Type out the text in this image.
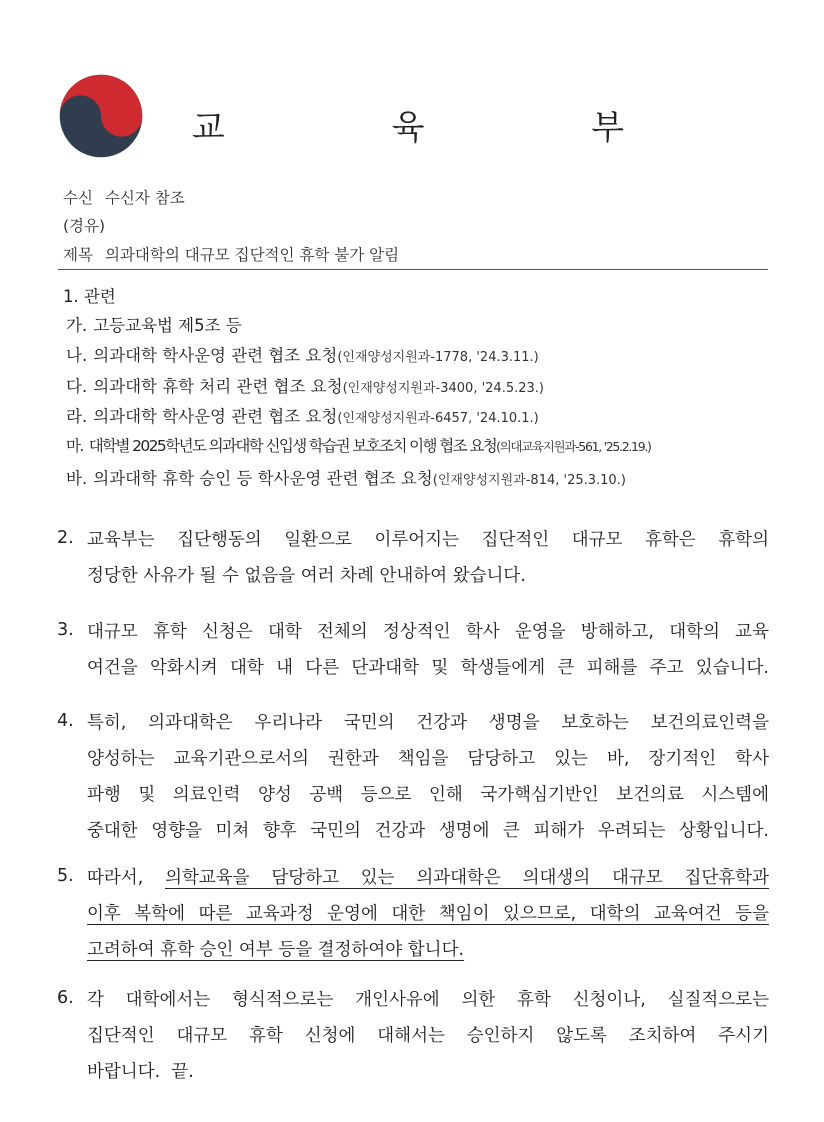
교 육 부
수신 수신자 참조
(경유)
제목 의과대학의 대규모 집단적인 휴학 불가 알림
1. 관련
가. 고등교육법 제5조 등
나. 의과대학 학사운영 관련 협조 요청(인재양성지원과-1778, '24.3.11.)
다. 의과대학 휴학 처리 관련 협조 요청(인재양성지원과-3400, '24.5.23.)
라. 의과대학 학사운영 관련 협조 요청(인재양성지원과-6457, '24.10.1.)
마. 대학별 2025학년도 의과대학 신입생 학습권 보호조치 이행 협조 요청(의대교육지원과-561, '25.2.19.)
바. 의과대학 휴학 승인 등 학사운영 관련 협조 요청(인재양성지원과-814, '25.3.10.)
2. 교육부는 집단행동의 일환으로 이루어지는 집단적인 대규모 휴학은 휴학의
정당한 사유가 될 수 없음을 여러 차례 안내하여 왔습니다.
3. 대규모 휴학 신청은 대학 전체의 정상적인 학사 운영을 방해하고, 대학의 교육
여건을 악화시켜 대학 내 다른 단과대학 및 학생들에게 큰 피해를 주고 있습니다.
4. 특히, 의과대학은 우리나라 국민의 건강과 생명을 보호하는 보건의료인력을
양성하는 교육기관으로서의 권한과 책임을 담당하고 있는 바, 장기적인 학사
파행 및 의료인력 양성 공백 등으로 인해 국가핵심기반인 보건의료 시스템에
중대한 영향을 미쳐 향후 국민의 건강과 생명에 큰 피해가 우려되는 상황입니다.
5. 따라서, 의학교육을 담당하고 있는 의과대학은 의대생의 대규모 집단휴학과
이후 복학에 따른 교육과정 운영에 대한 책임이 있으므로, 대학의 교육여건 등을
고려하여 휴학 승인 여부 등을 결정하여야 합니다.
6. 각 대학에서는 형식적으로는 개인사유에 의한 휴학 신청이나, 실질적으로는
집단적인 대규모 휴학 신청에 대해서는 승인하지 않도록 조치하여 주시기
바랍니다.  끝.
